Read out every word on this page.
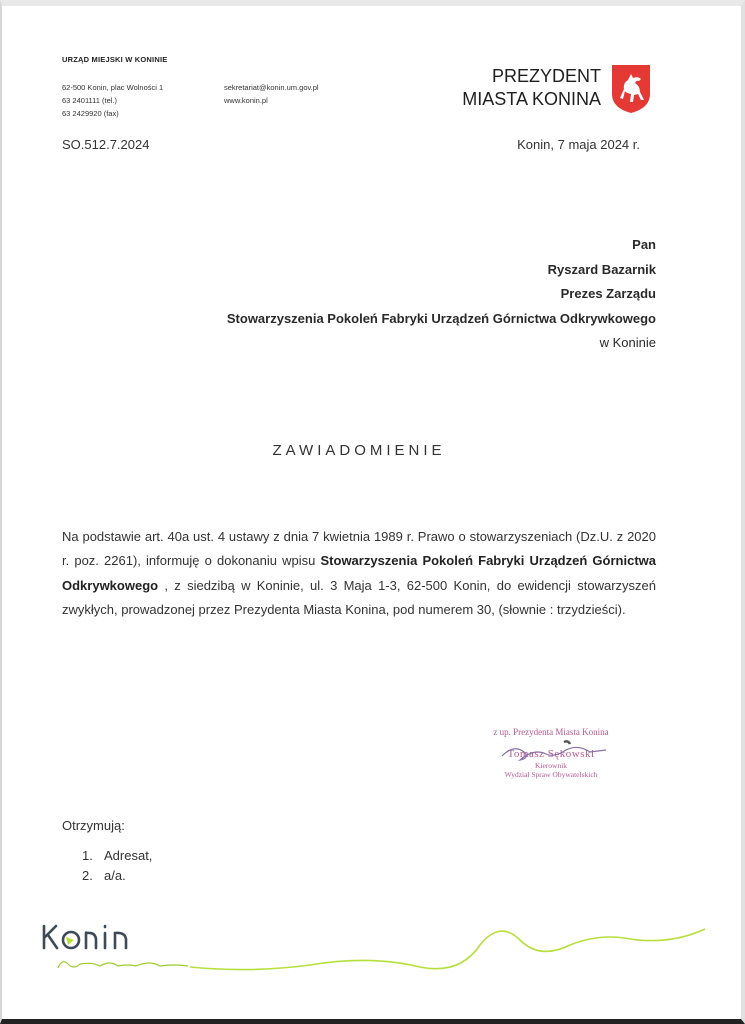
URZĄD MIEJSKI W KONINIE
62-500 Konin, plac Wolności 1
63 2401111 (tel.)
63 2429920 (fax)
sekretariat@konin.um.gov.pl
www.konin.pl
PREZYDENT
MIASTA KONINA
SO.512.7.2024	Konin, 7 maja 2024 r.
Pan
Ryszard Bazarnik
Prezes Zarządu
Stowarzyszenia Pokoleń Fabryki Urządzeń Górnictwa Odkrywkowego
w Koninie
ZAWIADOMIENIE
Na podstawie art. 40a ust. 4 ustawy z dnia 7 kwietnia 1989 r. Prawo o stowarzyszeniach (Dz.U. z 2020 r. poz. 2261), informuję o dokonaniu wpisu Stowarzyszenia Pokoleń Fabryki Urządzeń Górnictwa Odkrywkowego , z siedzibą w Koninie, ul. 3 Maja 1-3, 62-500 Konin, do ewidencji stowarzyszeń zwykłych, prowadzonej przez Prezydenta Miasta Konina, pod numerem 30, (słownie : trzydzieści).
z up. Prezydenta Miasta Konina
Tomasz Sękowski
Kierownik
Wydział Spraw Obywatelskich
Otrzymują:
1. Adresat,
2. a/a.
